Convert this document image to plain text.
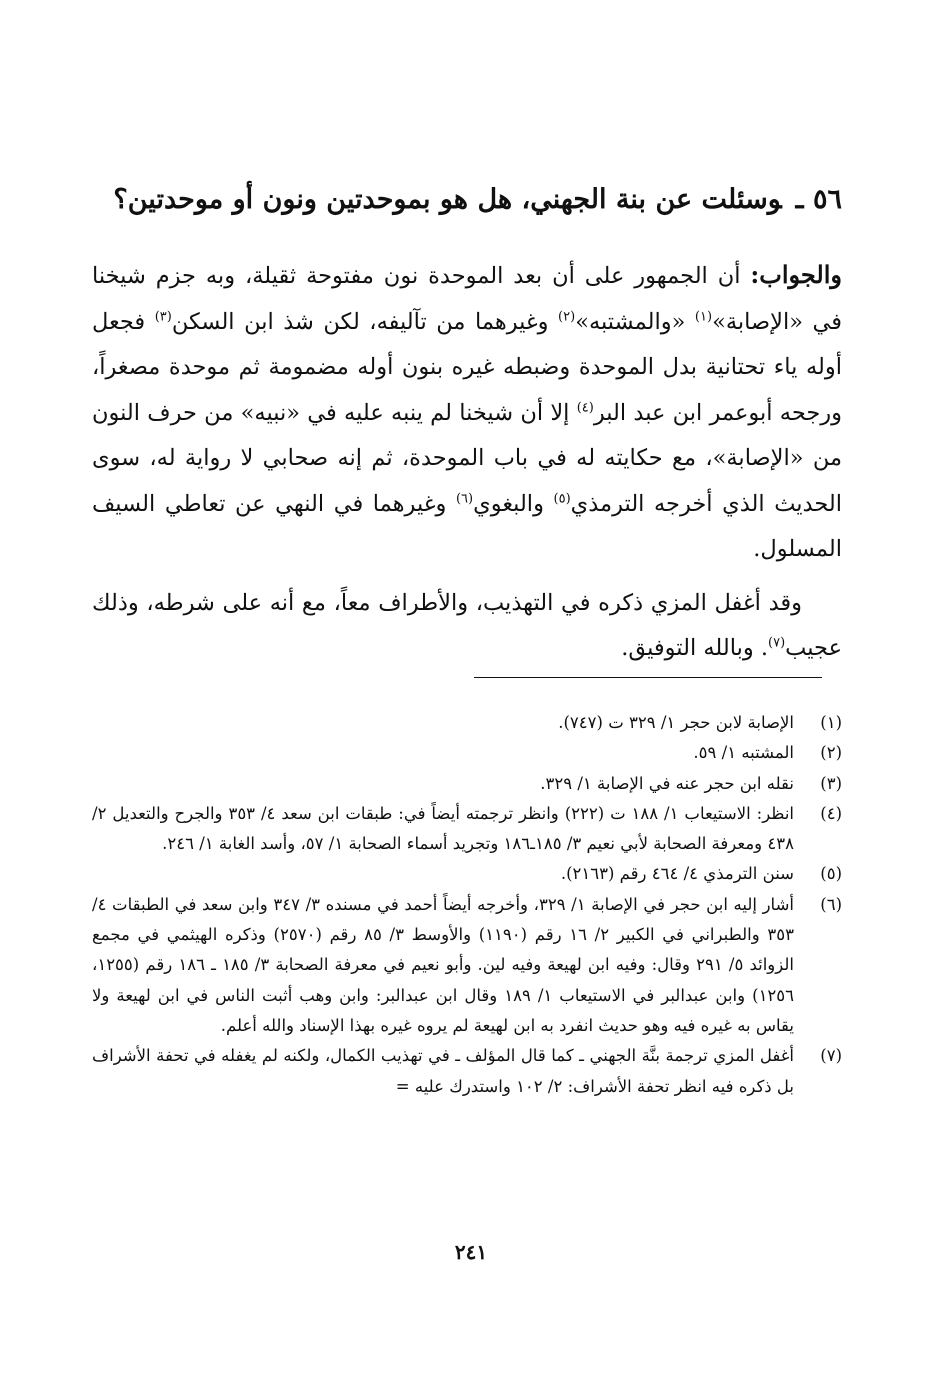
٥٦ ـوسئلت عن بنة الجهني، هل هو بموحدتين ونون أو موحدتين؟

والجواب: أن الجمهور على أن بعد الموحدة نون مفتوحة ثقيلة، وبه جزم شيخنا في «الإصابة»$^{(١)}$ «والمشتبه»$^{(٢)}$ وغيرهما من تآليفه، لكن شذ ابن السكن$^{(٣)}$ فجعل أوله ياء تحتانية بدل الموحدة وضبطه غيره بنون أوله مضمومة ثم موحدة مصغراً، ورجحه أبوعمر ابن عبد البر$^{(٤)}$ إلا أن شيخنا لم ينبه عليه في «نبيه» من حرف النون من «الإصابة»، مع حكايته له في باب الموحدة، ثم إنه صحابي لا رواية له، سوى الحديث الذي أخرجه الترمذي$^{(٥)}$ والبغوي$^{(٦)}$ وغيرهما في النهي عن تعاطي السيف المسلول.

وقد أغفل المزي ذكره في التهذيب، والأطراف معاً، مع أنه على شرطه، وذلك عجيب$^{(٧)}$. وبالله التوفيق.

(١)
الإصابة لابن حجر ١/ ٣٢٩ ت (٧٤٧).
(٢)
المشتبه ١/ ٥٩.
(٣)
نقله ابن حجر عنه في الإصابة ١/ ٣٢٩.
(٤)
انظر: الاستيعاب ١/ ١٨٨ ت (٢٢٢) وانظر ترجمته أيضاً في: طبقات ابن سعد ٤/ ٣٥٣ والجرح والتعديل ٢/ ٤٣٨ ومعرفة الصحابة لأبي نعيم ٣/ ١٨٥ـ١٨٦ وتجريد أسماء الصحابة ١/ ٥٧، وأسد الغابة ١/ ٢٤٦.
(٥)
سنن الترمذي ٤/ ٤٦٤ رقم (٢١٦٣).
(٦)
أشار إليه ابن حجر في الإصابة ١/ ٣٢٩، وأخرجه أيضاً أحمد في مسنده ٣/ ٣٤٧ وابن سعد في الطبقات ٤/ ٣٥٣ والطبراني في الكبير ٢/ ١٦ رقم (١١٩٠) والأوسط ٣/ ٨٥ رقم (٢٥٧٠) وذكره الهيثمي في مجمع الزوائد ٥/ ٢٩١ وقال: وفيه ابن لهيعة وفيه لين. وأبو نعيم في معرفة الصحابة ٣/ ١٨٥ ـ ١٨٦ رقم (١٢٥٥، ١٢٥٦) وابن عبدالبر في الاستيعاب ١/ ١٨٩ وقال ابن عبدالبر: وابن وهب أثبت الناس في ابن لهيعة ولا يقاس به غيره فيه وهو حديث انفرد به ابن لهيعة لم يروه غيره بهذا الإسناد والله أعلم.
(٧)
أغفل المزي ترجمة بنَّة الجهني ـ كما قال المؤلف ـ في تهذيب الكمال، ولكنه لم يغفله في تحفة الأشراف بل ذكره فيه انظر تحفة الأشراف: ٢/ ١٠٢ واستدرك عليه =
٢٤١
